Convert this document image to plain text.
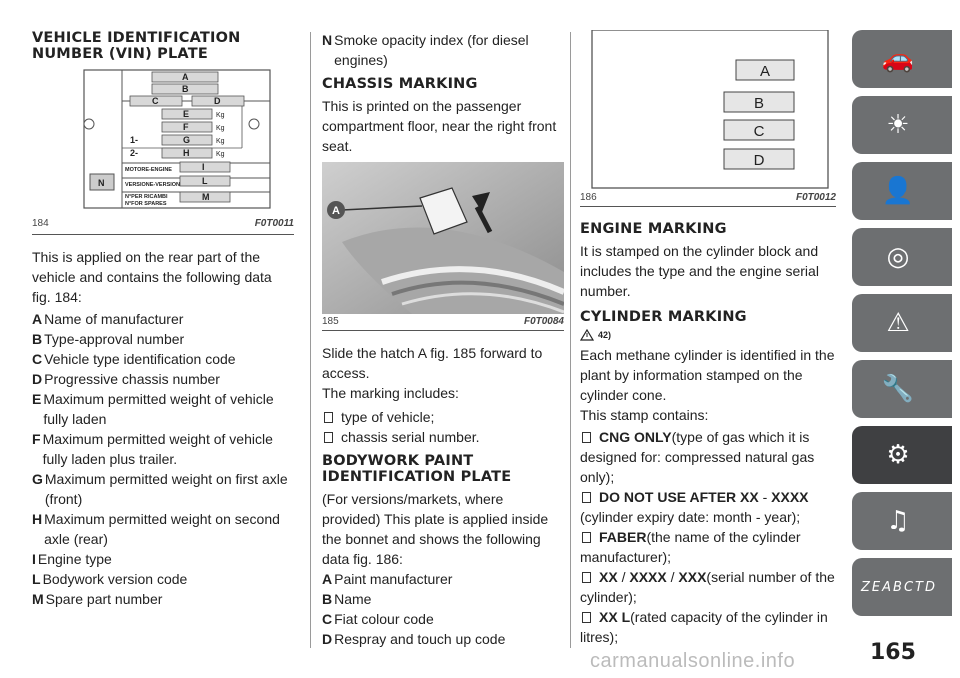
VEHICLE IDENTIFICATION NUMBER (VIN) PLATE
A
B
C	D
E
F
G
H
I
L
M
N
1-
2-
Kg
Kg
Kg
Kg
MOTORE-ENGINE
VERSIONE-VERSION
N°PER RICAMBI
N°FOR SPARES
184	F0T0011

This is applied on the rear part of the vehicle and contains the following data fig. 184:

A Name of manufacturer
B Type-approval number
C Vehicle type identification code
D Progressive chassis number
E Maximum permitted weight of vehicle fully laden
F Maximum permitted weight of vehicle fully laden plus trailer.
G Maximum permitted weight on first axle (front)
H Maximum permitted weight on second axle (rear)
I Engine type
L Bodywork version code
M Spare part number
N Smoke opacity index (for diesel engines)
CHASSIS MARKING

This is printed on the passenger compartment floor, near the right front seat.

A
185	F0T0084

Slide the hatch A fig. 185 forward to access.

The marking includes:

type of vehicle;
chassis serial number.
BODYWORK PAINT IDENTIFICATION PLATE

(For versions/markets, where provided) This plate is applied inside the bonnet and shows the following data fig. 186:

A Paint manufacturer
B Name
C Fiat colour code
D Respray and touch up code
A
B
C
D
186	F0T0012
ENGINE MARKING

It is stamped on the cylinder block and includes the type and the engine serial number.

CYLINDER MARKING
42)

Each methane cylinder is identified in the plant by information stamped on the cylinder cone.

This stamp contains:

CNG ONLY(type of gas which it is designed for: compressed natural gas only);
DO NOT USE AFTER XX - XXXX
(cylinder expiry date: month - year);
FABER(the name of the cylinder manufacturer);
XX / XXXX / XXX(serial number of the cylinder);
XX L(rated capacity of the cylinder in litres);
🚗
☀
👤
◎
⚠
🔧
⚙
♫
Z E A B C T D
165
carmanualsonline.info
